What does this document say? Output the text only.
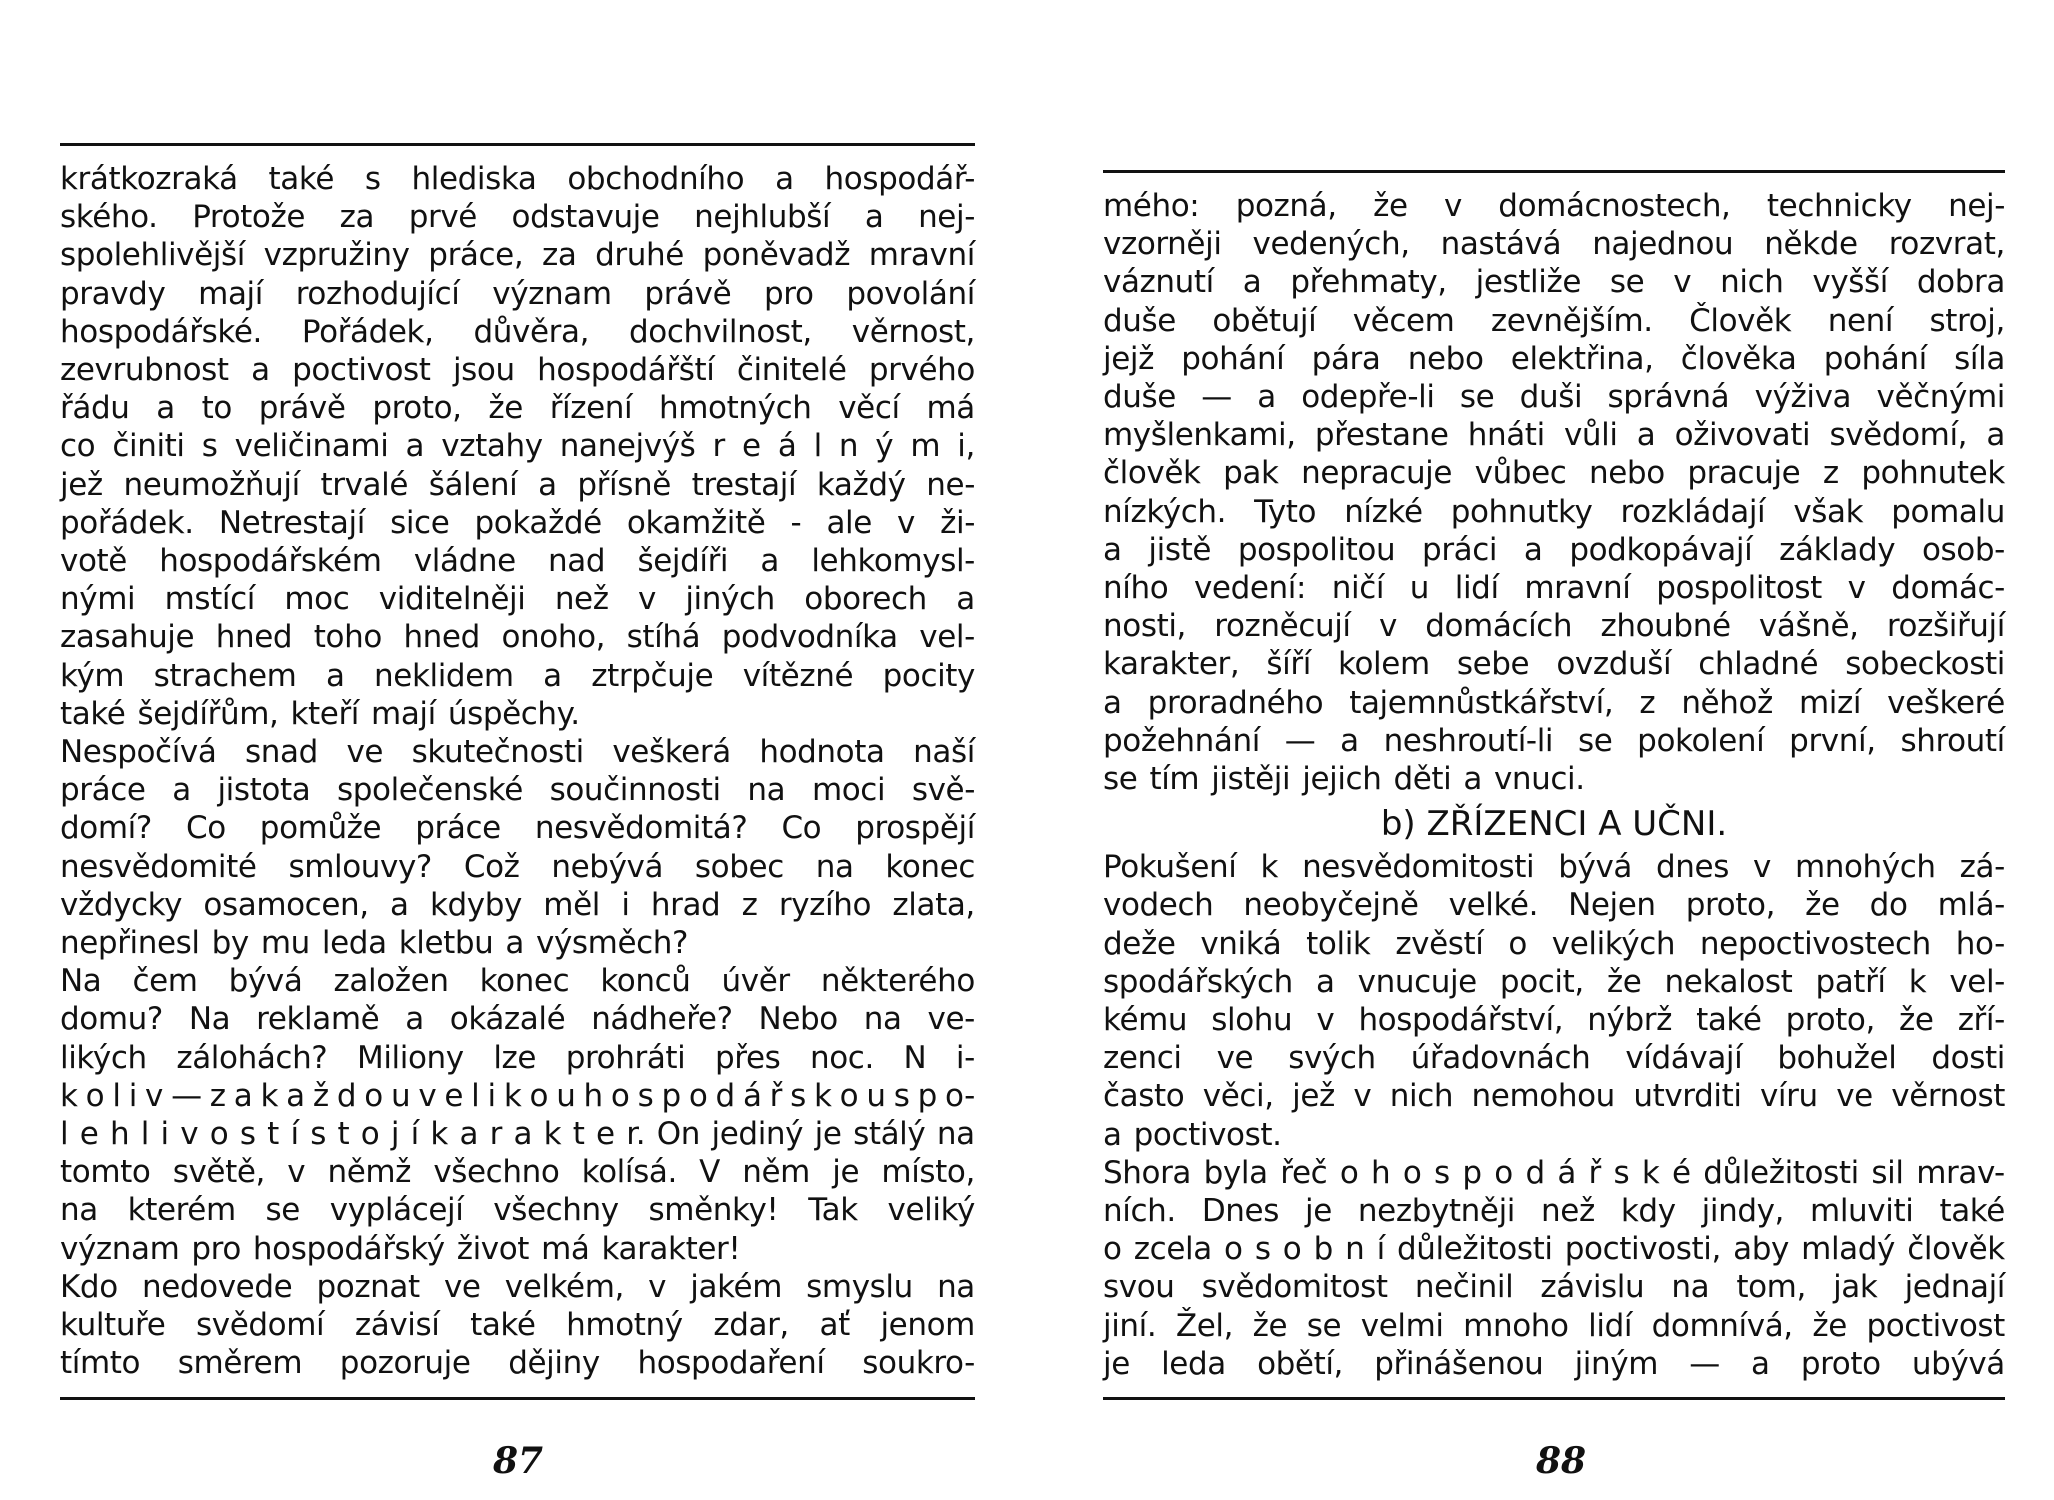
krátkozraká také s hlediska obchodního a hospodář-
ského. Protože za prvé odstavuje nejhlubší a nej-
spolehlivější vzpružiny práce, za druhé poněvadž mravní
pravdy mají rozhodující význam právě pro povolání
hospodářské. Pořádek, důvěra, dochvilnost, věrnost,
zevrubnost a poctivost jsou hospodářští činitelé prvého
řádu a to právě proto, že řízení hmotných věcí má
co činiti s veličinami a vztahy nanejvýš r e á l n ý m i,
jež neumožňují trvalé šálení a přísně trestají každý ne-
pořádek. Netrestají sice pokaždé okamžitě - ale v ži-
votě hospodářském vládne nad šejdíři a lehkomysl-
nými mstící moc viditelněji než v jiných oborech a
zasahuje hned toho hned onoho, stíhá podvodníka vel-
kým strachem a neklidem a ztrpčuje vítězné pocity
také šejdířům, kteří mají úspěchy.
Nespočívá snad ve skutečnosti veškerá hodnota naší
práce a jistota společenské součinnosti na moci svě-
domí? Co pomůže práce nesvědomitá? Co prospějí
nesvědomité smlouvy? Což nebývá sobec na konec
vždycky osamocen, a kdyby měl i hrad z ryzího zlata,
nepřinesl by mu leda kletbu a výsměch?
Na čem bývá založen konec konců úvěr některého
domu? Na reklamě a okázalé nádheře? Nebo na ve-
likých zálohách? Miliony lze prohráti přes noc. N i-
k o l i v — z a k a ž d o u v e l i k o u h o s p o d á ř s k o u s p o-
l e h l i v o s t í s t o j í k a r a k t e r. On jediný je stálý na
tomto světě, v němž všechno kolísá. V něm je místo,
na kterém se vyplácejí všechny směnky! Tak veliký
význam pro hospodářský život má karakter!
Kdo nedovede poznat ve velkém, v jakém smyslu na
kultuře svědomí závisí také hmotný zdar, ať jenom
tímto směrem pozoruje dějiny hospodaření soukro-
87
mého: pozná, že v domácnostech, technicky nej-
vzorněji vedených, nastává najednou někde rozvrat,
váznutí a přehmaty, jestliže se v nich vyšší dobra
duše obětují věcem zevnějším. Člověk není stroj,
jejž pohání pára nebo elektřina, člověka pohání síla
duše — a odepře-li se duši správná výživa věčnými
myšlenkami, přestane hnáti vůli a oživovati svědomí, a
člověk pak nepracuje vůbec nebo pracuje z pohnutek
nízkých. Tyto nízké pohnutky rozkládají však pomalu
a jistě pospolitou práci a podkopávají základy osob-
ního vedení: ničí u lidí mravní pospolitost v domác-
nosti, rozněcují v domácích zhoubné vášně, rozšiřují
karakter, šíří kolem sebe ovzduší chladné sobeckosti
a proradného tajemnůstkářství, z něhož mizí veškeré
požehnání — a neshroutí-li se pokolení první, shroutí
se tím jistěji jejich děti a vnuci.
b) ZŘÍZENCI A UČNI.
Pokušení k nesvědomitosti bývá dnes v mnohých zá-
vodech neobyčejně velké. Nejen proto, že do mlá-
deže vniká tolik zvěstí o velikých nepoctivostech ho-
spodářských a vnucuje pocit, že nekalost patří k vel-
kému slohu v hospodářství, nýbrž také proto, že zří-
zenci ve svých úřadovnách vídávají bohužel dosti
často věci, jež v nich nemohou utvrditi víru ve věrnost
a poctivost.
Shora byla řeč o h o s p o d á ř s k é důležitosti sil mrav-
ních. Dnes je nezbytněji než kdy jindy, mluviti také
o zcela o s o b n í důležitosti poctivosti, aby mladý člověk
svou svědomitost nečinil závislu na tom, jak jednají
jiní. Žel, že se velmi mnoho lidí domnívá, že poctivost
je leda obětí, přinášenou jiným — a proto ubývá
88
